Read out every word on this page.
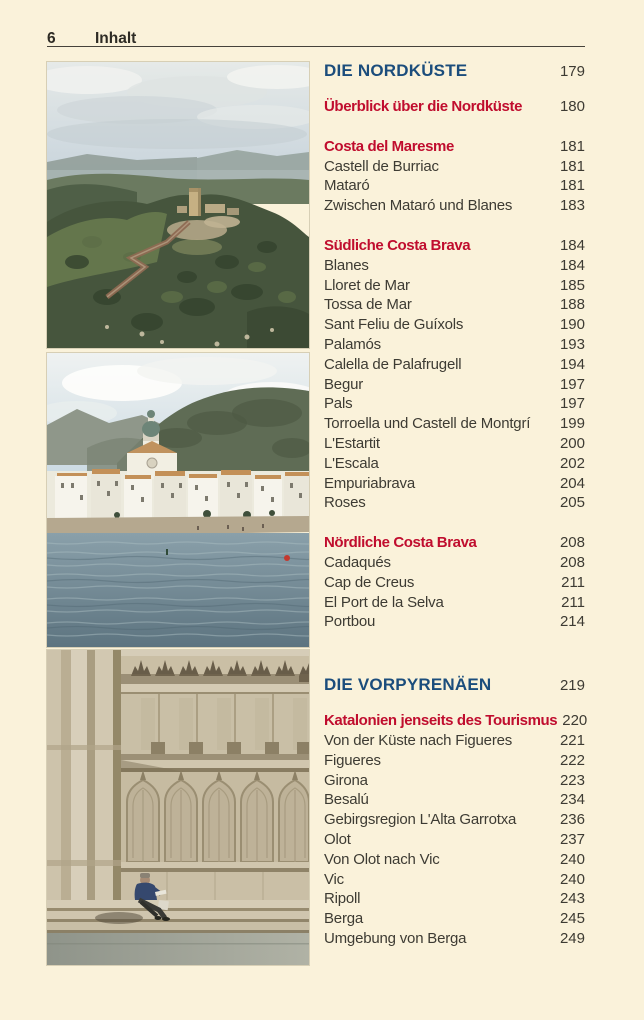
6	Inhalt
DIE NORDKÜSTE	179
Überblick über die Nordküste	180
Costa del Maresme	181
Castell de Burriac	181
Mataró	181
Zwischen Mataró und Blanes	183
Südliche Costa Brava	184
Blanes	184
Lloret de Mar	185
Tossa de Mar	188
Sant Feliu de Guíxols	190
Palamós	193
Calella de Palafrugell	194
Begur	197
Pals	197
Torroella und Castell de Montgrí	199
L'Estartit	200
L'Escala	202
Empuriabrava	204
Roses	205
Nördliche Costa Brava	208
Cadaqués	208
Cap de Creus	211
El Port de la Selva	211
Portbou	214
DIE VORPYRENÄEN	219
Katalonien jenseits des Tourismus 220
Von der Küste nach Figueres	221
Figueres	222
Girona	223
Besalú	234
Gebirgsregion L'Alta Garrotxa	236
Olot	237
Von Olot nach Vic	240
Vic	240
Ripoll	243
Berga	245
Umgebung von Berga	249
